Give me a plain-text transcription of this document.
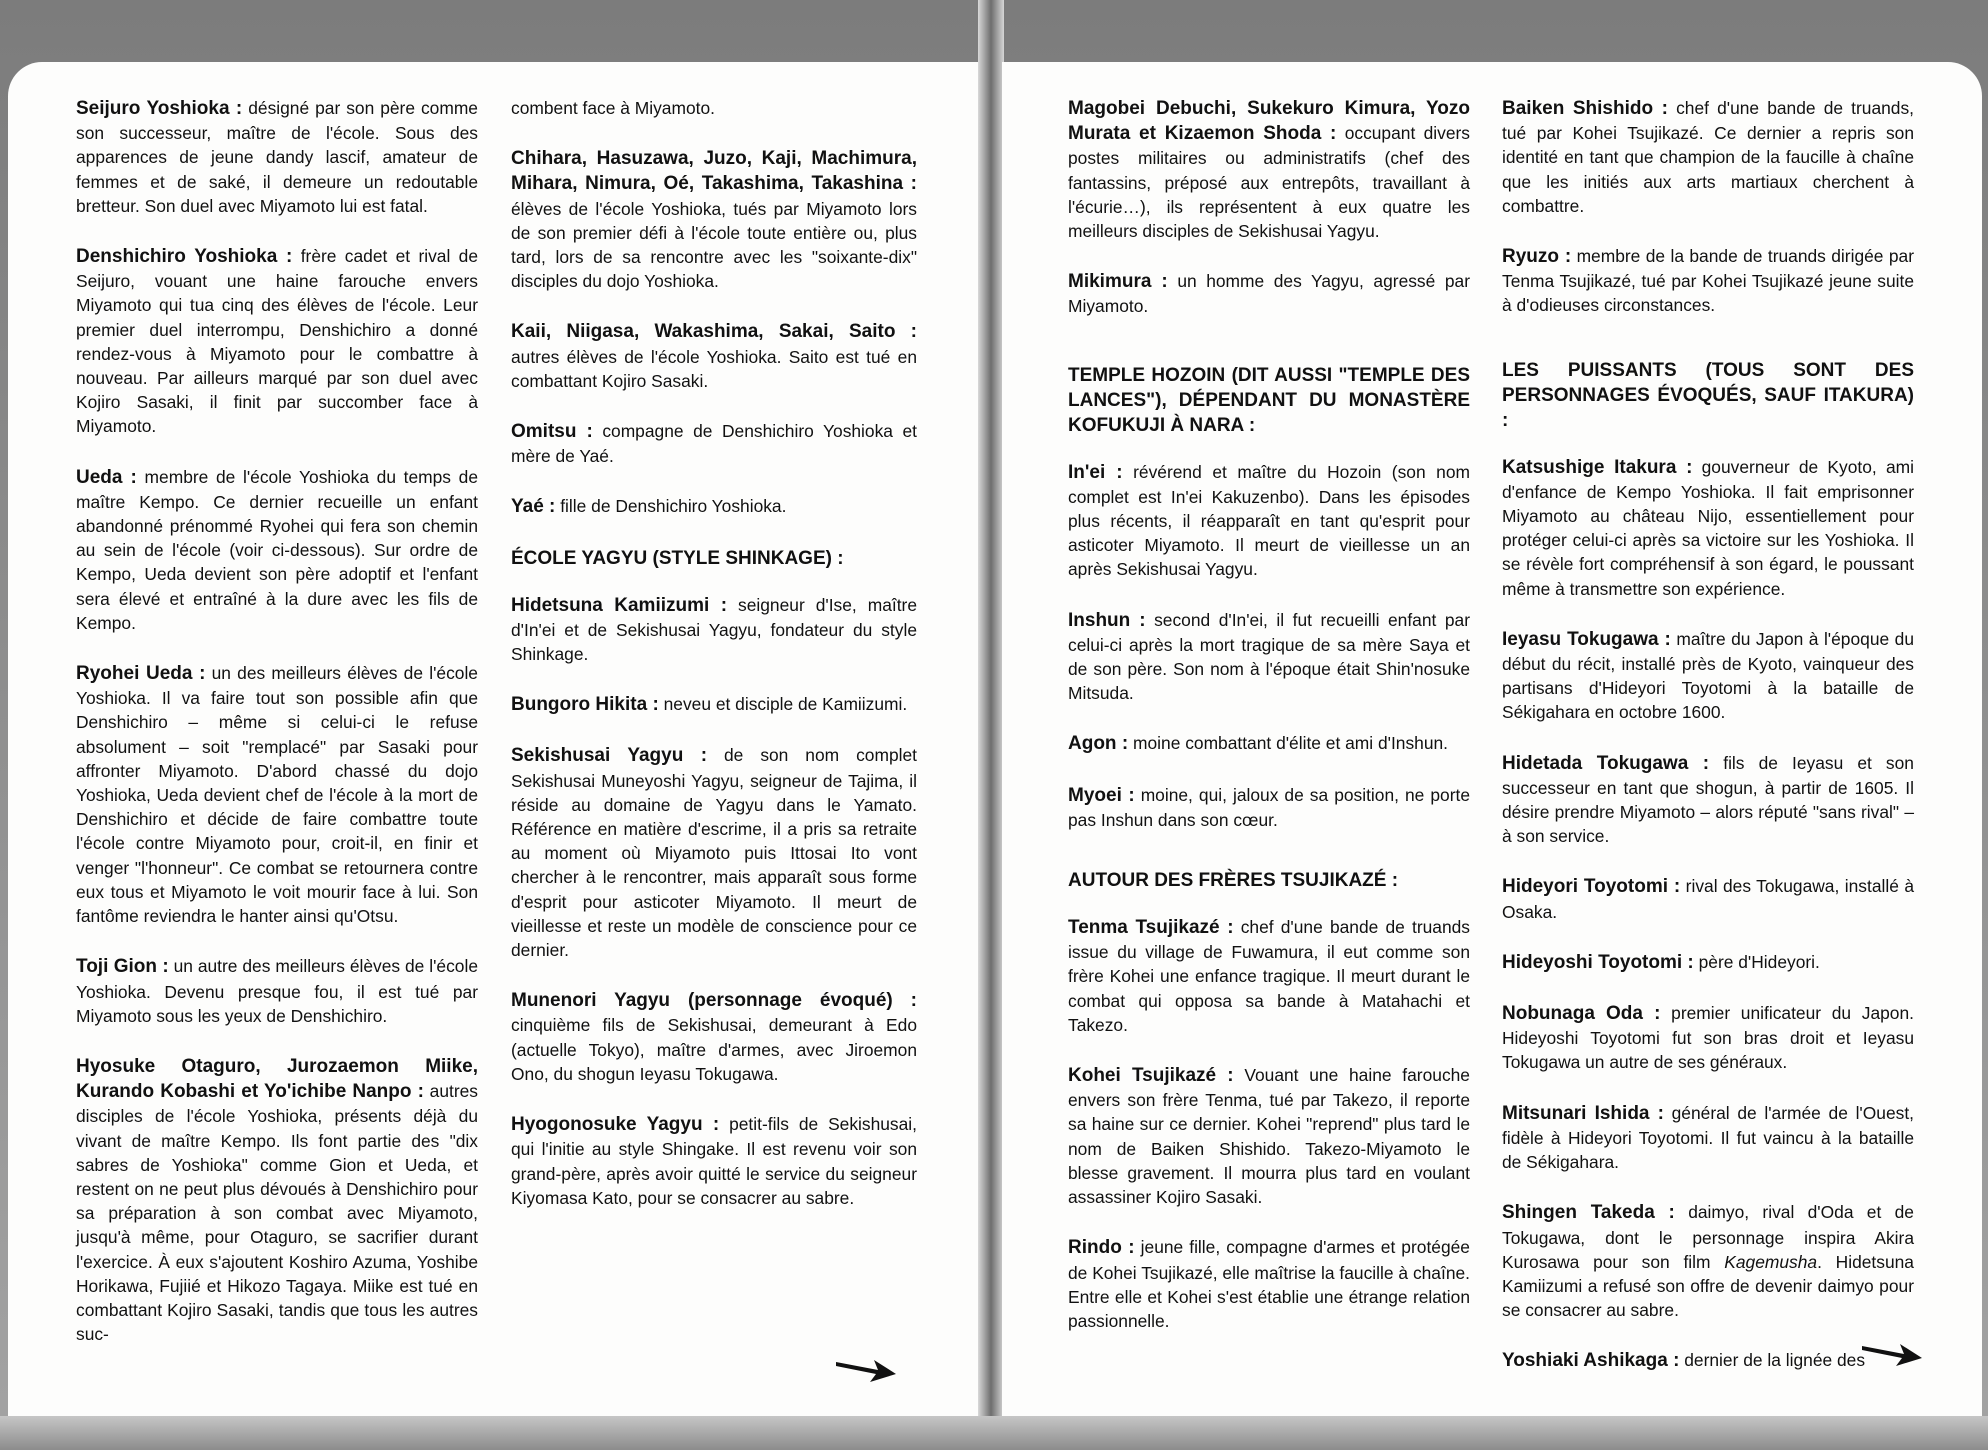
Seijuro Yoshioka : désigné par son père comme son successeur, maître de l'école. Sous des apparences de jeune dandy lascif, amateur de femmes et de saké, il demeure un redoutable bretteur. Son duel avec Miyamoto lui est fatal.

Denshichiro Yoshioka : frère cadet et rival de Seijuro, vouant une haine farouche envers Miyamoto qui tua cinq des élèves de l'école. Leur premier duel interrompu, Denshichiro a donné rendez-vous à Miyamoto pour le combattre à nouveau. Par ailleurs marqué par son duel avec Kojiro Sasaki, il finit par succomber face à Miyamoto.

Ueda : membre de l'école Yoshioka du temps de maître Kempo. Ce dernier recueille un enfant abandonné prénommé Ryohei qui fera son chemin au sein de l'école (voir ci-dessous). Sur ordre de Kempo, Ueda devient son père adoptif et l'enfant sera élevé et entraîné à la dure avec les fils de Kempo.

Ryohei Ueda : un des meilleurs élèves de l'école Yoshioka. Il va faire tout son possible afin que Denshichiro – même si celui-ci le refuse absolument – soit "remplacé" par Sasaki pour affronter Miyamoto. D'abord chassé du dojo Yoshioka, Ueda devient chef de l'école à la mort de Denshichiro et décide de faire combattre toute l'école contre Miyamoto pour, croit-il, en finir et venger "l'honneur". Ce combat se retournera contre eux tous et Miyamoto le voit mourir face à lui. Son fantôme reviendra le hanter ainsi qu'Otsu.

Toji Gion : un autre des meilleurs élèves de l'école Yoshioka. Devenu presque fou, il est tué par Miyamoto sous les yeux de Denshichiro.

Hyosuke Otaguro, Jurozaemon Miike, Kurando Kobashi et Yo'ichibe Nanpo : autres disciples de l'école Yoshioka, présents déjà du vivant de maître Kempo. Ils font partie des "dix sabres de Yoshioka" comme Gion et Ueda, et restent on ne peut plus dévoués à Denshichiro pour sa préparation à son combat avec Miyamoto, jusqu'à même, pour Otaguro, se sacrifier durant l'exercice. À eux s'ajoutent Koshiro Azuma, Yoshibe Horikawa, Fujiié et Hikozo Tagaya. Miike est tué en combattant Kojiro Sasaki, tandis que tous les autres suc-

combent face à Miyamoto.

Chihara, Hasuzawa, Juzo, Kaji, Machimura, Mihara, Nimura, Oé, Takashima, Takashina : élèves de l'école Yoshioka, tués par Miyamoto lors de son premier défi à l'école toute entière ou, plus tard, lors de sa rencontre avec les "soixante-dix" disciples du dojo Yoshioka.

Kaii, Niigasa, Wakashima, Sakai, Saito : autres élèves de l'école Yoshioka. Saito est tué en combattant Kojiro Sasaki.

Omitsu : compagne de Denshichiro Yoshioka et mère de Yaé.

Yaé : fille de Denshichiro Yoshioka.

ÉCOLE YAGYU (STYLE SHINKAGE) :

Hidetsuna Kamiizumi : seigneur d'Ise, maître d'In'ei et de Sekishusai Yagyu, fondateur du style Shinkage.

Bungoro Hikita : neveu et disciple de Kamiizumi.

Sekishusai Yagyu : de son nom complet Sekishusai Muneyoshi Yagyu, seigneur de Tajima, il réside au domaine de Yagyu dans le Yamato. Référence en matière d'escrime, il a pris sa retraite au moment où Miyamoto puis Ittosai Ito vont chercher à le rencontrer, mais apparaît sous forme d'esprit pour asticoter Miyamoto. Il meurt de vieillesse et reste un modèle de conscience pour ce dernier.

Munenori Yagyu (personnage évoqué) : cinquième fils de Sekishusai, demeurant à Edo (actuelle Tokyo), maître d'armes, avec Jiroemon Ono, du shogun Ieyasu Tokugawa.

Hyogonosuke Yagyu : petit-fils de Sekishusai, qui l'initie au style Shingake. Il est revenu voir son grand-père, après avoir quitté le service du seigneur Kiyomasa Kato, pour se consacrer au sabre.

Magobei Debuchi, Sukekuro Kimura, Yozo Murata et Kizaemon Shoda : occupant divers postes militaires ou administratifs (chef des fantassins, préposé aux entrepôts, travaillant à l'écurie…), ils représentent à eux quatre les meilleurs disciples de Sekishusai Yagyu.

Mikimura : un homme des Yagyu, agressé par Miyamoto.

TEMPLE HOZOIN (DIT AUSSI "TEMPLE DES LANCES"), DÉPENDANT DU MONASTÈRE KOFUKUJI À NARA :

In'ei : révérend et maître du Hozoin (son nom complet est In'ei Kakuzenbo). Dans les épisodes plus récents, il réapparaît en tant qu'esprit pour asticoter Miyamoto. Il meurt de vieillesse un an après Sekishusai Yagyu.

Inshun : second d'In'ei, il fut recueilli enfant par celui-ci après la mort tragique de sa mère Saya et de son père. Son nom à l'époque était Shin'nosuke Mitsuda.

Agon : moine combattant d'élite et ami d'Inshun.

Myoei : moine, qui, jaloux de sa position, ne porte pas Inshun dans son cœur.

AUTOUR DES FRÈRES TSUJIKAZÉ :

Tenma Tsujikazé : chef d'une bande de truands issue du village de Fuwamura, il eut comme son frère Kohei une enfance tragique. Il meurt durant le combat qui opposa sa bande à Matahachi et Takezo.

Kohei Tsujikazé : Vouant une haine farouche envers son frère Tenma, tué par Takezo, il reporte sa haine sur ce dernier. Kohei "reprend" plus tard le nom de Baiken Shishido. Takezo-Miyamoto le blesse gravement. Il mourra plus tard en voulant assassiner Kojiro Sasaki.

Rindo : jeune fille, compagne d'armes et protégée de Kohei Tsujikazé, elle maîtrise la faucille à chaîne. Entre elle et Kohei s'est établie une étrange relation passionnelle.

Baiken Shishido : chef d'une bande de truands, tué par Kohei Tsujikazé. Ce dernier a repris son identité en tant que champion de la faucille à chaîne que les initiés aux arts martiaux cherchent à combattre.

Ryuzo : membre de la bande de truands dirigée par Tenma Tsujikazé, tué par Kohei Tsujikazé jeune suite à d'odieuses circonstances.

LES PUISSANTS (TOUS SONT DES PERSONNAGES ÉVOQUÉS, SAUF ITAKURA) :

Katsushige Itakura : gouverneur de Kyoto, ami d'enfance de Kempo Yoshioka. Il fait emprisonner Miyamoto au château Nijo, essentiellement pour protéger celui-ci après sa victoire sur les Yoshioka. Il se révèle fort compréhensif à son égard, le poussant même à transmettre son expérience.

Ieyasu Tokugawa : maître du Japon à l'époque du début du récit, installé près de Kyoto, vainqueur des partisans d'Hideyori Toyotomi à la bataille de Sékigahara en octobre 1600.

Hidetada Tokugawa : fils de Ieyasu et son successeur en tant que shogun, à partir de 1605. Il désire prendre Miyamoto – alors réputé "sans rival" – à son service.

Hideyori Toyotomi : rival des Tokugawa, installé à Osaka.

Hideyoshi Toyotomi : père d'Hideyori.

Nobunaga Oda : premier unificateur du Japon. Hideyoshi Toyotomi fut son bras droit et Ieyasu Tokugawa un autre de ses généraux.

Mitsunari Ishida : général de l'armée de l'Ouest, fidèle à Hideyori Toyotomi. Il fut vaincu à la bataille de Sékigahara.

Shingen Takeda : daimyo, rival d'Oda et de Tokugawa, dont le personnage inspira Akira Kurosawa pour son film Kagemusha. Hidetsuna Kamiizumi a refusé son offre de devenir daimyo pour se consacrer au sabre.

Yoshiaki Ashikaga : dernier de la lignée des
